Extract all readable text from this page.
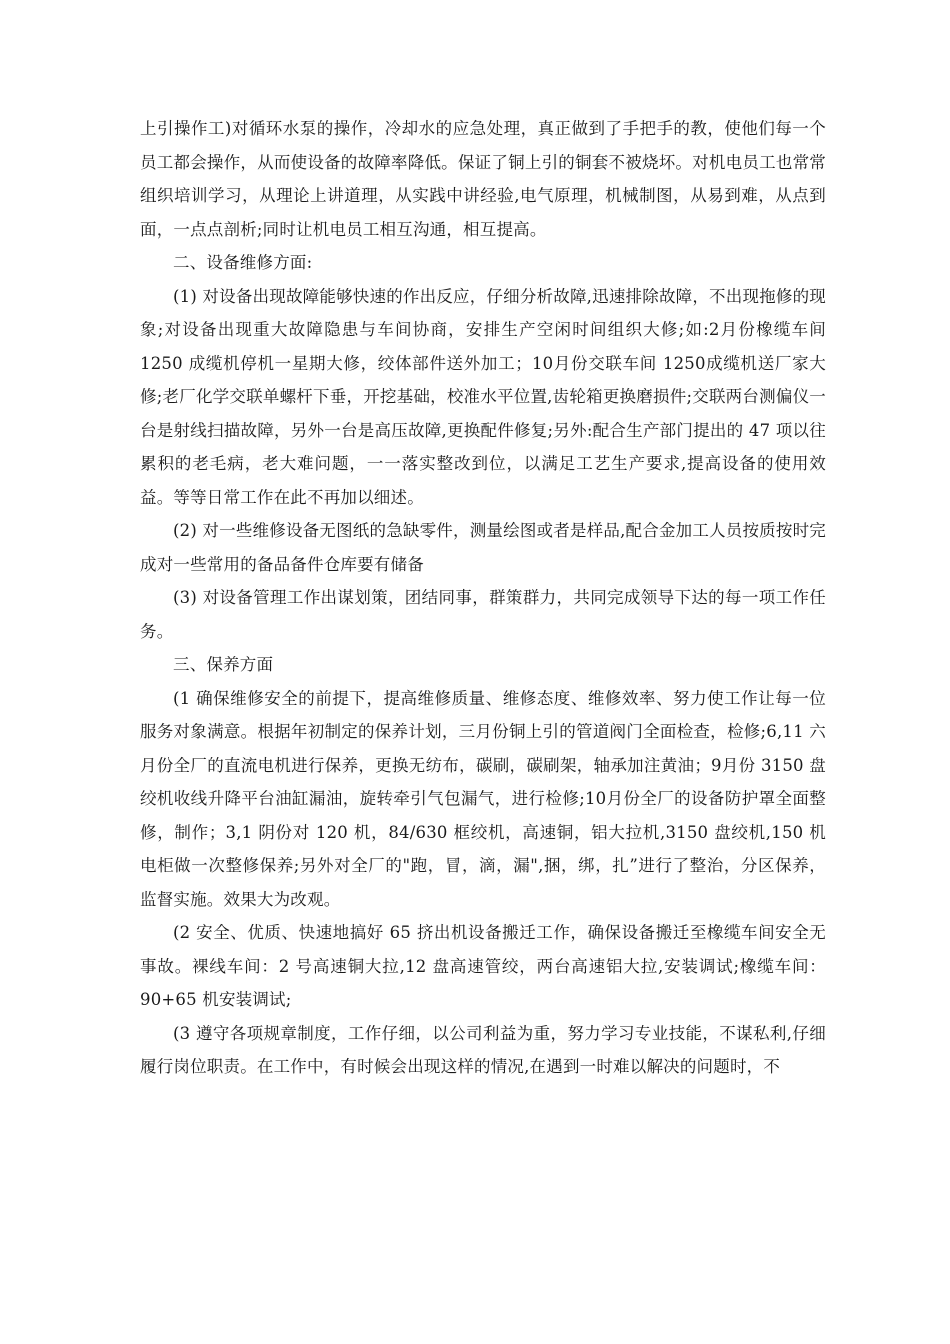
上引操作工)对循环水泵的操作，冷却水的应急处理，真正做到了手把手的教，使他们每一个员工都会操作，从而使设备的故障率降低。保证了铜上引的铜套不被烧坏。对机电员工也常常组织培训学习，从理论上讲道理，从实践中讲经验,电气原理，机械制图，从易到难，从点到面，一点点剖析;同时让机电员工相互沟通，相互提高。

二、设备维修方面:

(1) 对设备出现故障能够快速的作出反应，仔细分析故障,迅速排除故障，不出现拖修的现象;对设备出现重大故障隐患与车间协商，安排生产空闲时间组织大修;如:2月份橡缆车间 1250 成缆机停机一星期大修，绞体部件送外加工；10月份交联车间 1250成缆机送厂家大修;老厂化学交联单螺杆下垂，开挖基础，校准水平位置,齿轮箱更换磨损件;交联两台测偏仪一台是射线扫描故障，另外一台是高压故障,更换配件修复;另外:配合生产部门提出的 47 项以往累积的老毛病，老大难问题，一一落实整改到位，以满足工艺生产要求,提高设备的使用效益。等等日常工作在此不再加以细述。

(2) 对一些维修设备无图纸的急缺零件，测量绘图或者是样品,配合金加工人员按质按时完成对一些常用的备品备件仓库要有储备

(3) 对设备管理工作出谋划策，团结同事，群策群力，共同完成领导下达的每一项工作任务。

三、保养方面

(1 确保维修安全的前提下，提高维修质量、维修态度、维修效率、努力使工作让每一位服务对象满意。根据年初制定的保养计划，三月份铜上引的管道阀门全面检查，检修;6,11 六月份全厂的直流电机进行保养，更换无纺布，碳刷，碳刷架，轴承加注黄油；9月份 3150 盘绞机收线升降平台油缸漏油，旋转牵引气包漏气，进行检修;10月份全厂的设备防护罩全面整修，制作；3,1 阴份对 120 机，84/630 框绞机，高速铜，铝大拉机,3150 盘绞机,150 机电柜做一次整修保养;另外对全厂的"跑，冒，滴，漏",捆，绑，扎”进行了整治，分区保养，监督实施。效果大为改观。

(2 安全、优质、快速地搞好 65 挤出机设备搬迁工作，确保设备搬迁至橡缆车间安全无事故。裸线车间：2 号高速铜大拉,12 盘高速管绞，两台高速铝大拉,安装调试;橡缆车间：90+65 机安装调试;

(3 遵守各项规章制度，工作仔细，以公司利益为重，努力学习专业技能，不谋私利,仔细履行岗位职责。在工作中，有时候会出现这样的情况,在遇到一时难以解决的问题时，不
